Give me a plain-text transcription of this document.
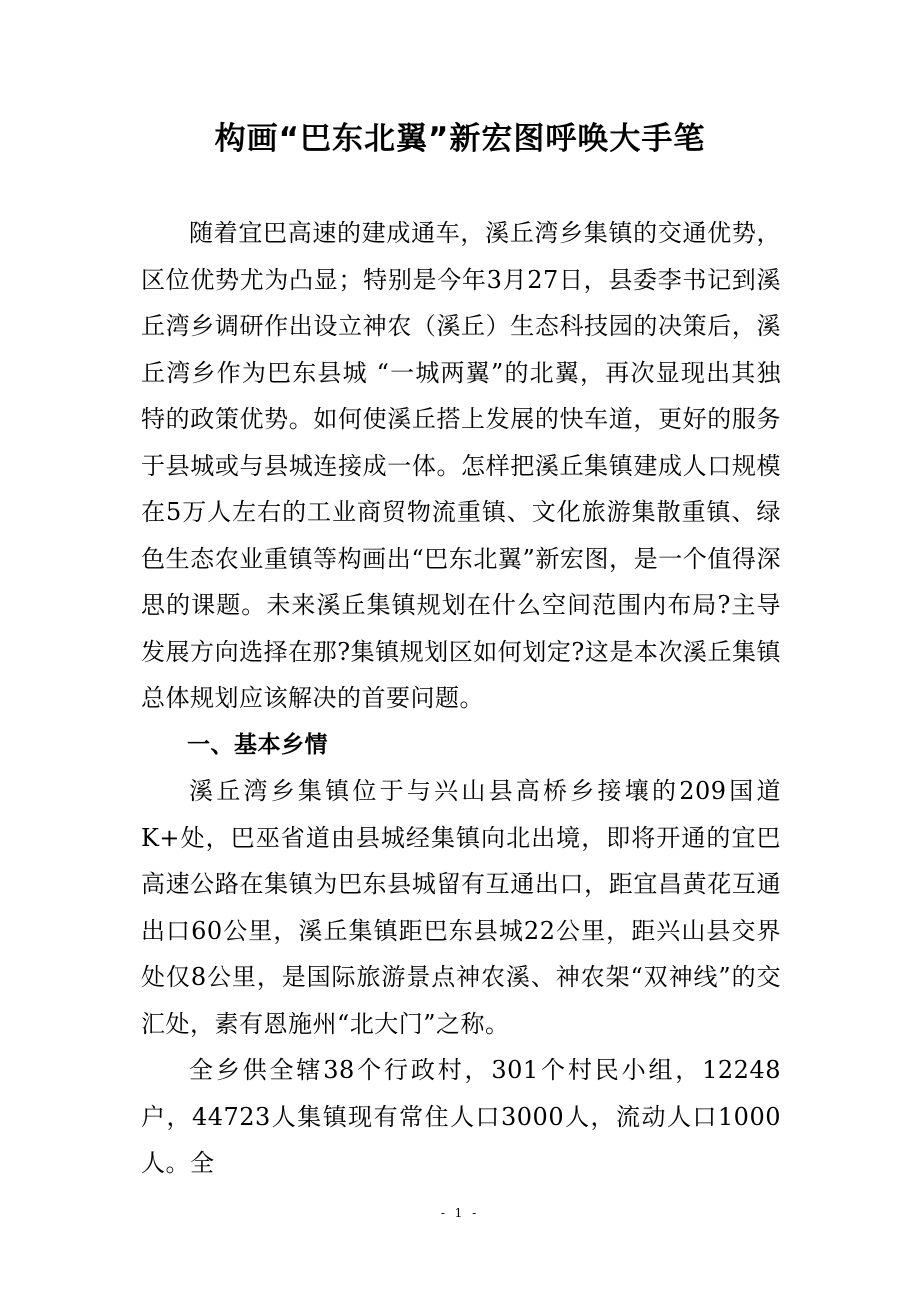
构画“巴东北翼”新宏图呼唤大手笔

随着宜巴高速的建成通车，溪丘湾乡集镇的交通优势，区位优势尤为凸显；特别是今年3月27日，县委李书记到溪丘湾乡调研作出设立神农（溪丘）生态科技园的决策后，溪丘湾乡作为巴东县城 “一城两翼”的北翼，再次显现出其独特的政策优势。如何使溪丘搭上发展的快车道，更好的服务于县城或与县城连接成一体。怎样把溪丘集镇建成人口规模在5万人左右的工业商贸物流重镇、文化旅游集散重镇、绿色生态农业重镇等构画出“巴东北翼”新宏图，是一个值得深思的课题。未来溪丘集镇规划在什么空间范围内布局?主导发展方向选择在那?集镇规划区如何划定?这是本次溪丘集镇总体规划应该解决的首要问题。

一、基本乡情

溪丘湾乡集镇位于与兴山县高桥乡接壤的209国道K+处，巴巫省道由县城经集镇向北出境，即将开通的宜巴高速公路在集镇为巴东县城留有互通出口，距宜昌黄花互通出口60公里，溪丘集镇距巴东县城22公里，距兴山县交界处仅8公里，是国际旅游景点神农溪、神农架“双神线”的交汇处，素有恩施州“北大门”之称。

全乡供全辖38个行政村，301个村民小组，12248户，44723人集镇现有常住人口3000人，流动人口1000人。全

- 1 -
